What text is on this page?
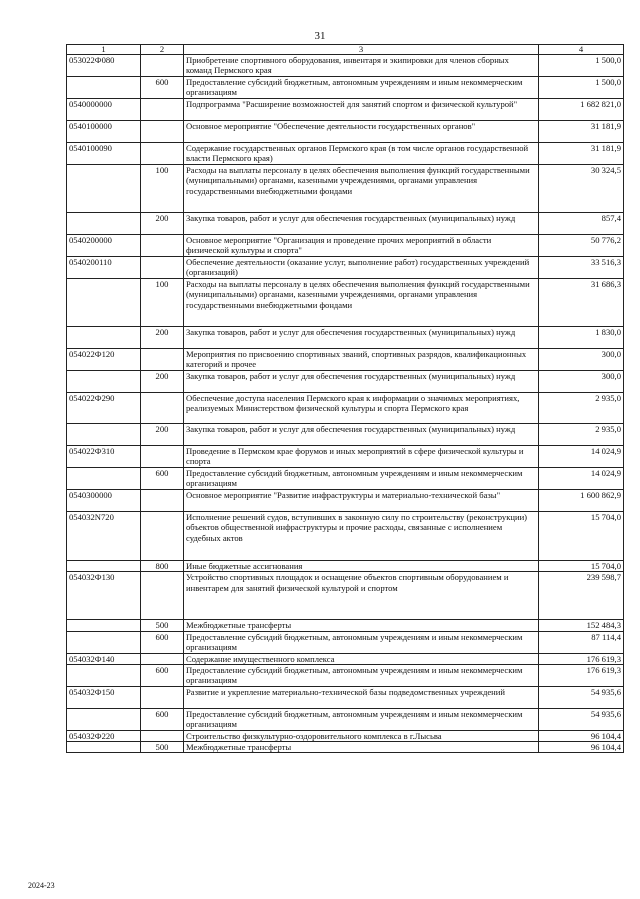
31
1	2	3	4
053022Ф080		Приобретение спортивного оборудования, инвентаря и экипировки для членов сборных команд Пермского края	1 500,0
	600	Предоставление субсидий бюджетным, автономным учреждениям и иным некоммерческим организациям	1 500,0
0540000000		Подпрограмма "Расширение возможностей для занятий спортом и физической культурой"	1 682 821,0
0540100000		Основное мероприятие "Обеспечение деятельности государственных органов"	31 181,9
0540100090		Содержание государственных органов Пермского края (в том числе органов государственной власти Пермского края)	31 181,9
	100	Расходы на выплаты персоналу в целях обеспечения выполнения функций государственными (муниципальными) органами, казенными учреждениями, органами управления государственными внебюджетными фондами	30 324,5
	200	Закупка товаров, работ и услуг для обеспечения государственных (муниципальных) нужд	857,4
0540200000		Основное мероприятие "Организация и проведение прочих мероприятий в области физической культуры и спорта"	50 776,2
0540200110		Обеспечение деятельности (оказание услуг, выполнение работ) государственных учреждений (организаций)	33 516,3
	100	Расходы на выплаты персоналу в целях обеспечения выполнения функций государственными (муниципальными) органами, казенными учреждениями, органами управления государственными внебюджетными фондами	31 686,3
	200	Закупка товаров, работ и услуг для обеспечения государственных (муниципальных) нужд	1 830,0
054022Ф120		Мероприятия по присвоению спортивных званий, спортивных разрядов, квалификационных категорий и прочее	300,0
	200	Закупка товаров, работ и услуг для обеспечения государственных (муниципальных) нужд	300,0
054022Ф290		Обеспечение доступа населения Пермского края к информации о значимых мероприятиях, реализуемых Министерством физической культуры и спорта Пермского края	2 935,0
	200	Закупка товаров, работ и услуг для обеспечения государственных (муниципальных) нужд	2 935,0
054022Ф310		Проведение в Пермском крае форумов и иных мероприятий в сфере физической культуры и спорта	14 024,9
	600	Предоставление субсидий бюджетным, автономным учреждениям и иным некоммерческим организациям	14 024,9
0540300000		Основное мероприятие "Развитие инфраструктуры и материально-технической базы"	1 600 862,9
054032N720		Исполнение решений судов, вступивших в законную силу по строительству (реконструкции) объектов общественной инфраструктуры и прочие расходы, связанные с исполнением судебных актов	15 704,0
	800	Иные бюджетные ассигнования	15 704,0
054032Ф130		Устройство спортивных площадок и оснащение объектов спортивным оборудованием и инвентарем для занятий физической культурой и спортом	239 598,7
	500	Межбюджетные трансферты	152 484,3
	600	Предоставление субсидий бюджетным, автономным учреждениям и иным некоммерческим организациям	87 114,4
054032Ф140		Содержание имущественного комплекса	176 619,3
	600	Предоставление субсидий бюджетным, автономным учреждениям и иным некоммерческим организациям	176 619,3
054032Ф150		Развитие и укрепление материально-технической базы подведомственных учреждений	54 935,6
	600	Предоставление субсидий бюджетным, автономным учреждениям и иным некоммерческим организациям	54 935,6
054032Ф220		Строительство физкультурно-оздоровительного комплекса в г.Лысьва	96 104,4
	500	Межбюджетные трансферты	96 104,4
2024-23
